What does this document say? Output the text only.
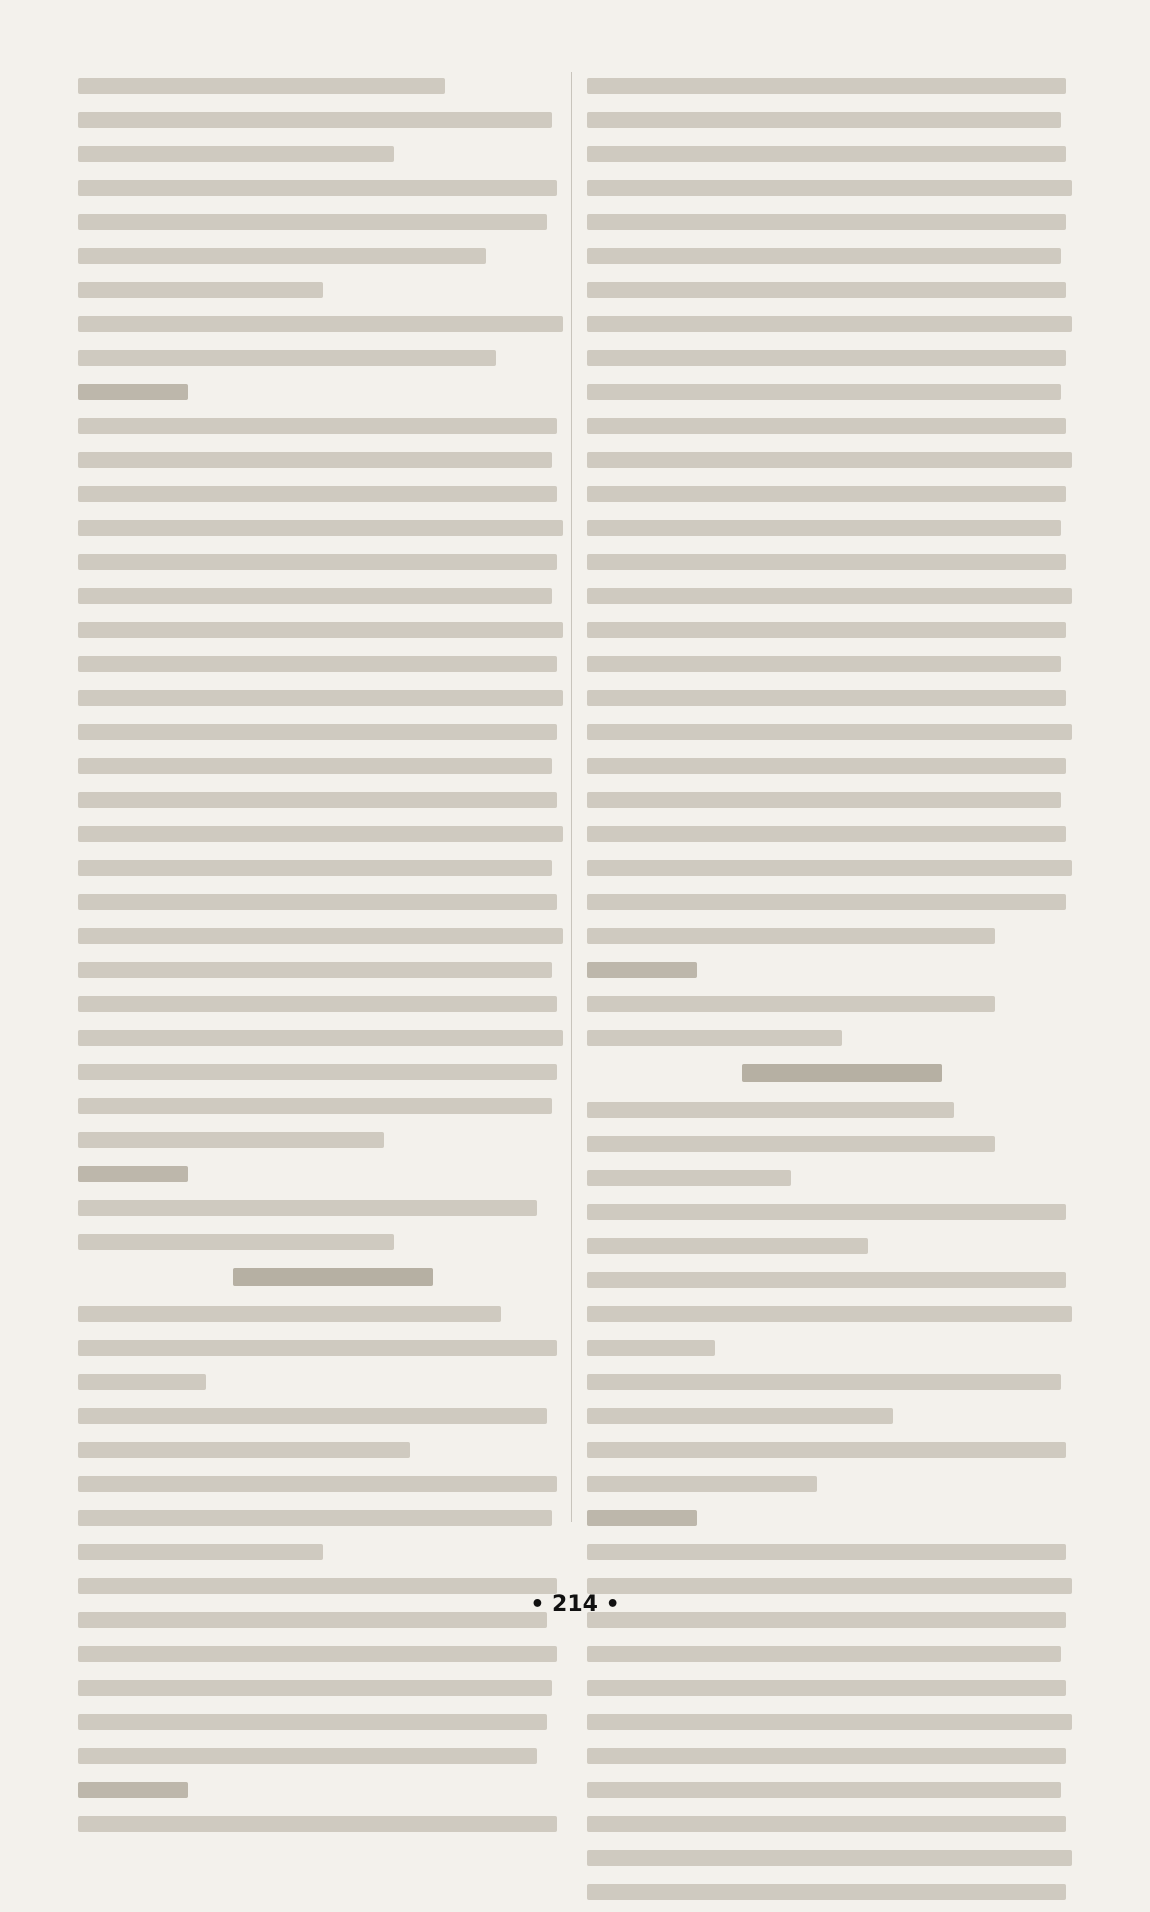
• 214 •
